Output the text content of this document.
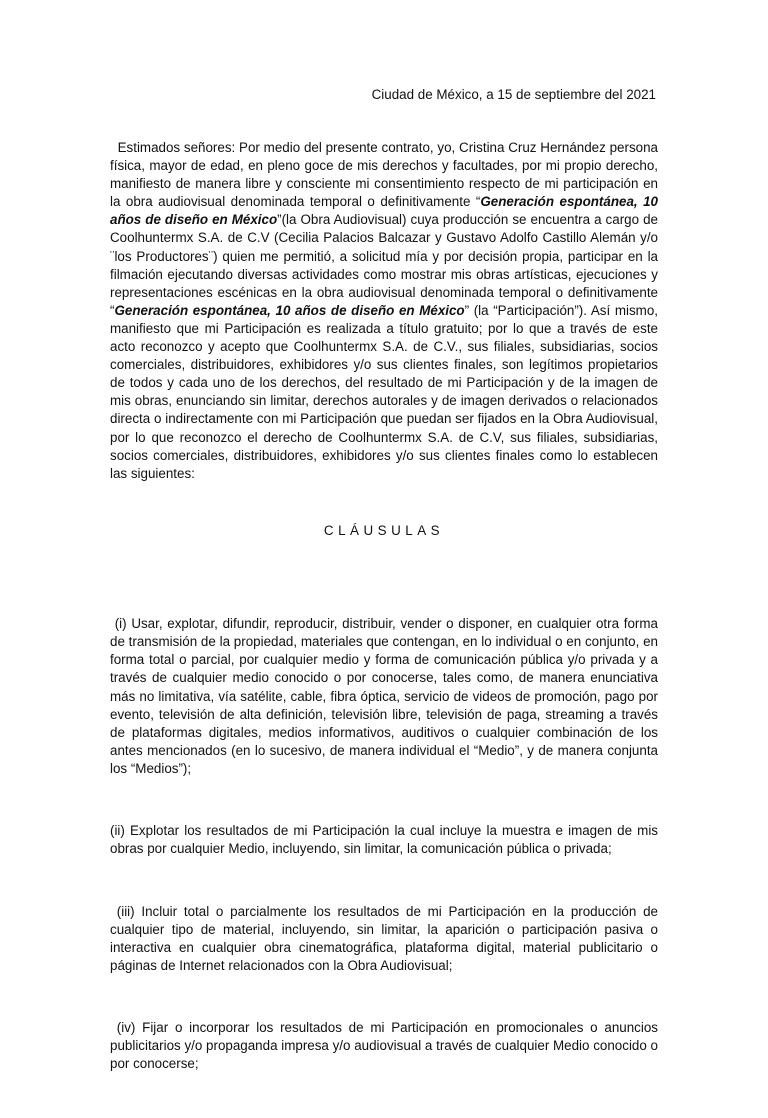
Ciudad de México, a 15 de septiembre del 2021
Estimados señores: Por medio del presente contrato, yo, Cristina Cruz Hernández persona física, mayor de edad, en pleno goce de mis derechos y facultades, por mi propio derecho, manifiesto de manera libre y consciente mi consentimiento respecto de mi participación en la obra audiovisual denominada temporal o definitivamente “Generación espontánea, 10 años de diseño en México”(la Obra Audiovisual) cuya producción se encuentra a cargo de Coolhuntermx S.A. de C.V (Cecilia Palacios Balcazar y Gustavo Adolfo Castillo Alemán y/o ¨los Productores¨) quien me permitió, a solicitud mía y por decisión propia, participar en la filmación ejecutando diversas actividades como mostrar mis obras artísticas, ejecuciones y  representaciones escénicas en la obra audiovisual denominada temporal o definitivamente “Generación espontánea, 10 años de diseño en México” (la “Participación”). Así mismo, manifiesto que mi Participación es realizada a título gratuito; por lo que a través de este acto reconozco y acepto que Coolhuntermx S.A. de C.V., sus filiales, subsidiarias, socios comerciales, distribuidores, exhibidores y/o sus clientes finales, son legítimos propietarios de todos y cada uno de los derechos, del resultado de mi Participación y de la imagen de mis obras, enunciando sin limitar, derechos autorales y de imagen derivados o relacionados directa o indirectamente con mi Participación que puedan ser fijados en la Obra Audiovisual, por lo que reconozco el derecho de Coolhuntermx S.A. de C.V, sus filiales, subsidiarias, socios comerciales, distribuidores, exhibidores y/o sus clientes finales como lo establecen las siguientes:
CLÁUSULAS

(i) Usar, explotar, difundir, reproducir, distribuir, vender o disponer, en cualquier otra forma de transmisión de la propiedad, materiales que contengan, en lo individual o en conjunto, en forma total o parcial, por cualquier medio y forma de comunicación pública y/o privada y a través de cualquier medio conocido o por conocerse, tales como, de manera enunciativa más no limitativa, vía satélite, cable, fibra óptica, servicio de videos de promoción, pago por evento, televisión de alta definición, televisión libre, televisión de paga, streaming a través de plataformas digitales, medios informativos, auditivos o cualquier combinación de los antes mencionados (en lo sucesivo, de manera individual el “Medio”, y de manera conjunta los “Medios”);

(ii) Explotar los resultados de mi Participación la cual incluye la muestra e imagen de mis obras por cualquier Medio, incluyendo, sin limitar, la comunicación pública o privada;

(iii) Incluir total o parcialmente los resultados de mi Participación en la producción de cualquier tipo de material, incluyendo, sin limitar, la aparición o participación pasiva o interactiva en cualquier obra cinematográfica, plataforma digital, material publicitario o páginas de Internet relacionados con la Obra Audiovisual;

(iv) Fijar o incorporar los resultados de mi Participación en promocionales o anuncios publicitarios y/o propaganda impresa y/o audiovisual a través de cualquier Medio conocido o por conocerse;
